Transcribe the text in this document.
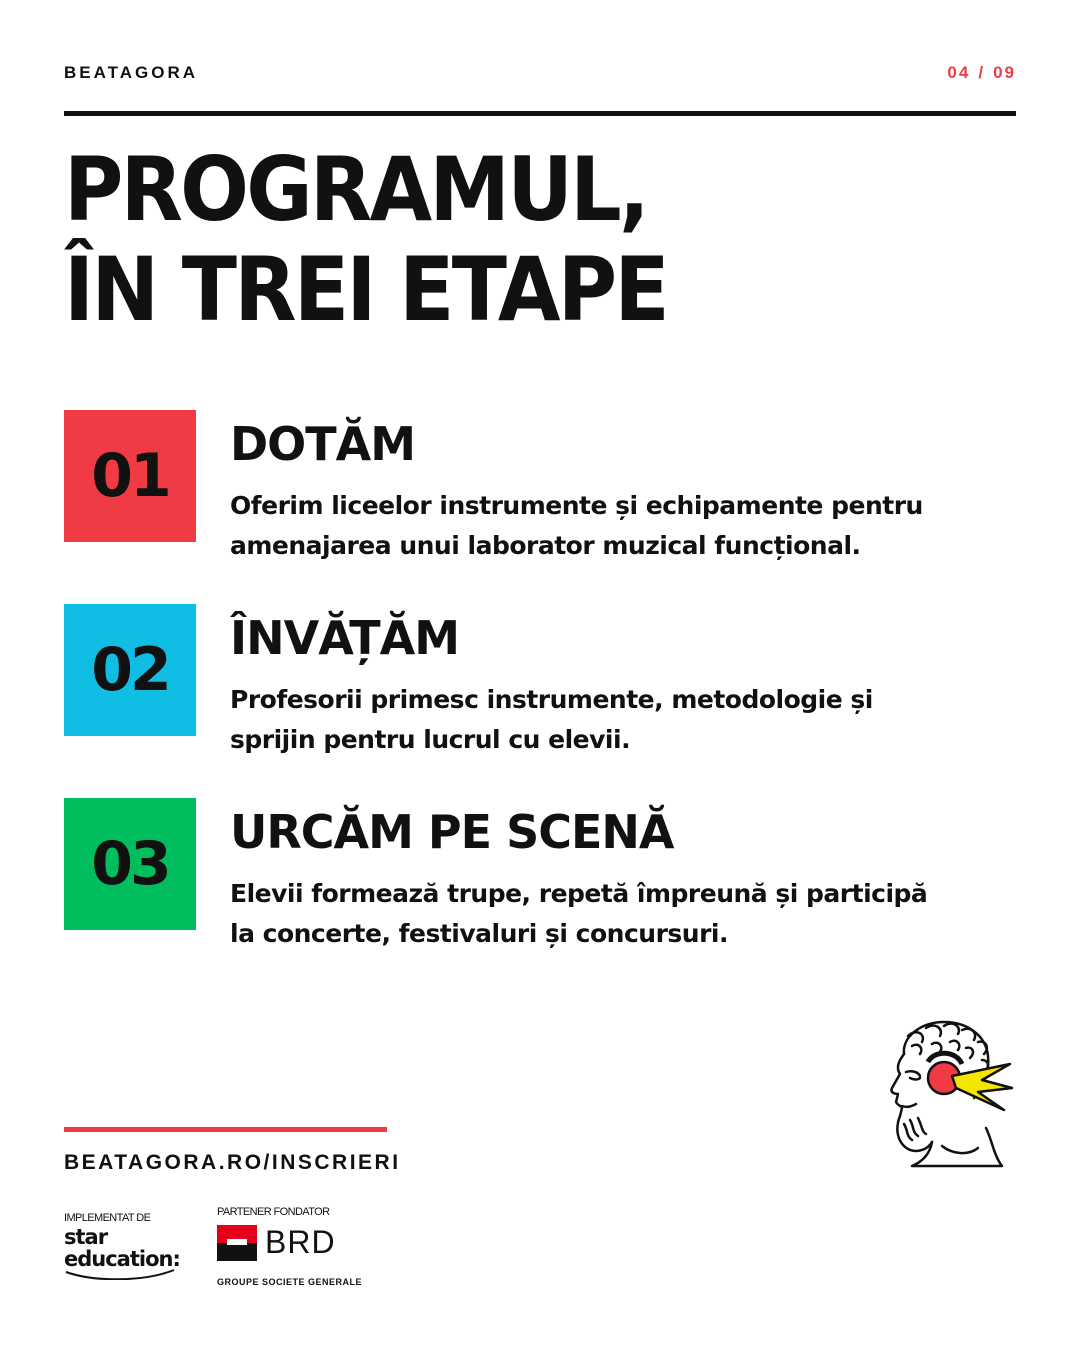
BEATAGORA	04 / 09
PROGRAMUL,
ÎN TREI ETAPE
01	DOTĂM

Oferim liceelor instrumente și echipamente pentru amenajarea unui laborator muzical funcțional.

02	ÎNVĂȚĂM

Profesorii primesc instrumente, metodologie și sprijin pentru lucrul cu elevii.

03	URCĂM PE SCENĂ

Elevii formează trupe, repetă împreună și participă la concerte, festivaluri și concursuri.

BEATAGORA.RO/INSCRIERI
IMPLEMENTAT DE
star
education:
PARTENER FONDATOR
BRD
GROUPE SOCIETE GENERALE
